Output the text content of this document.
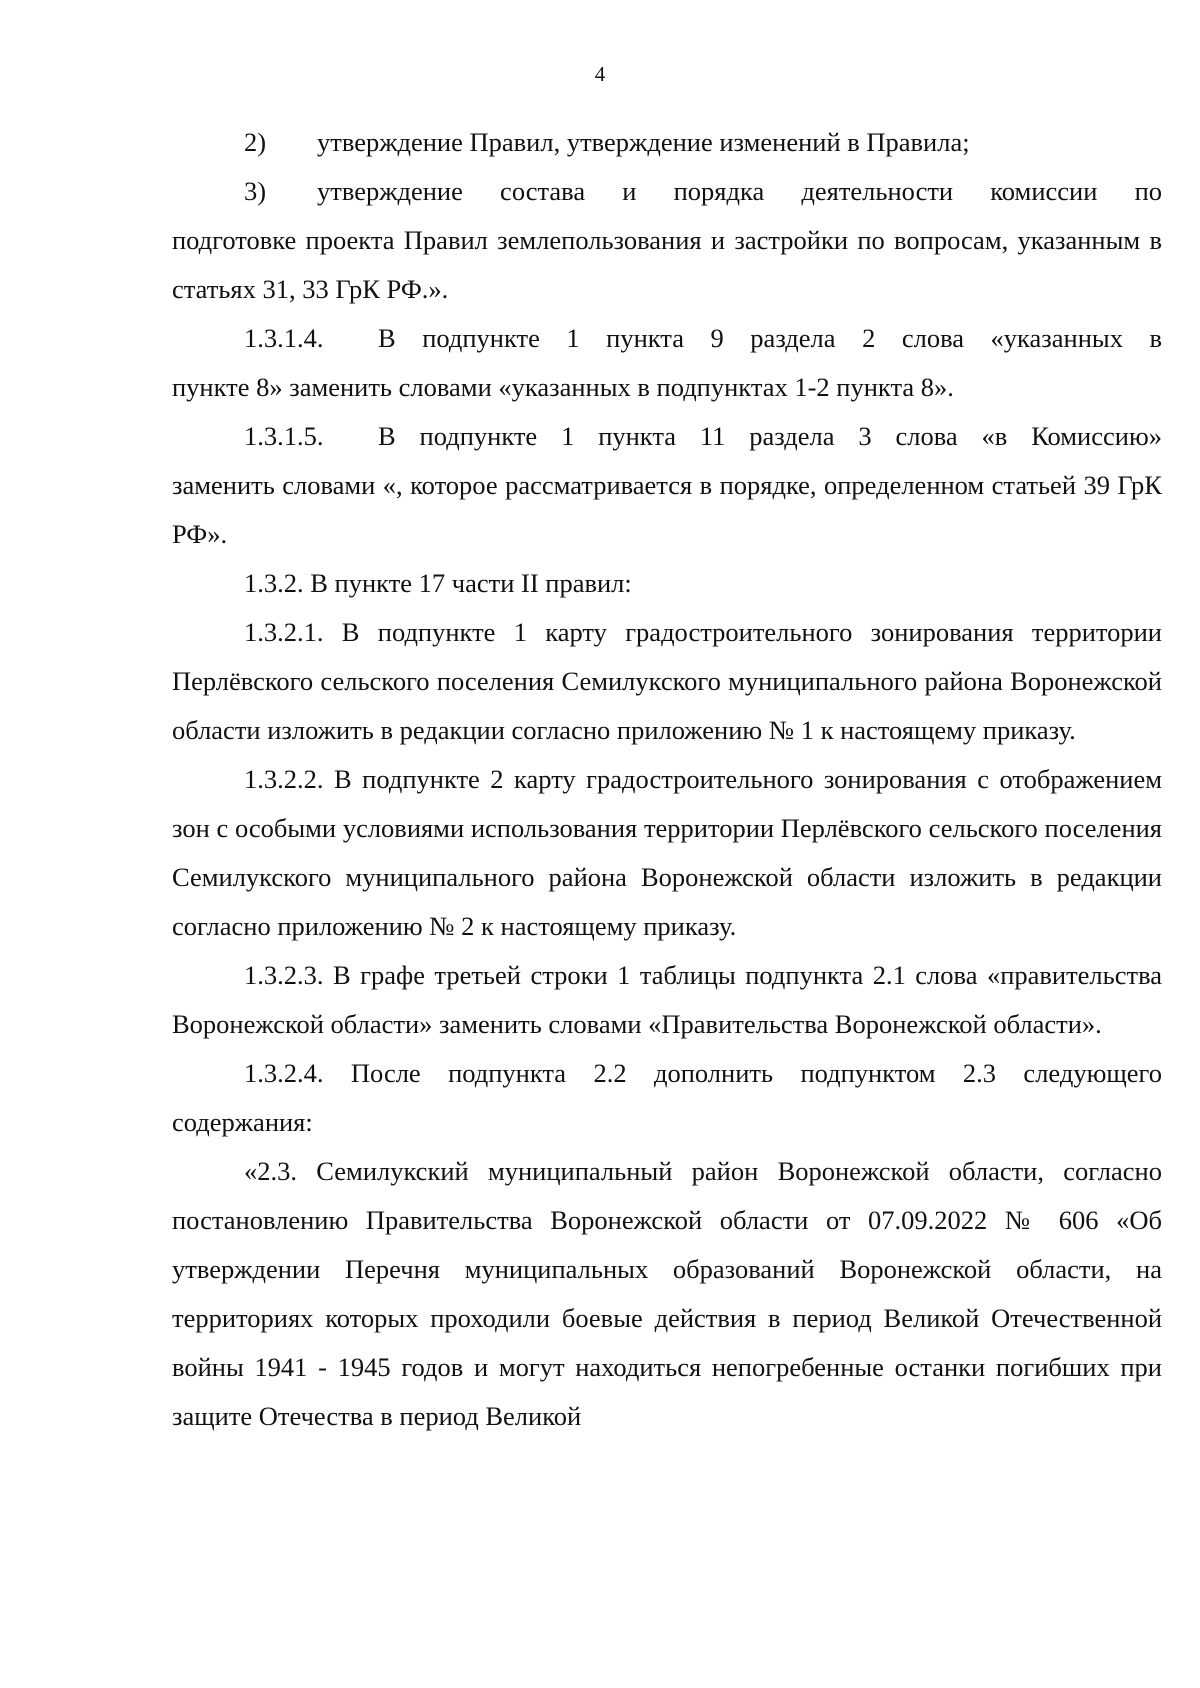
4
2)	утверждение Правил, утверждение изменений в Правила;
3)	утверждение состава и порядка деятельности комиссии по

подготовке проекта Правил землепользования и застройки по вопросам, указанным в статьях 31, 33 ГрК РФ.».

1.3.1.4.	В подпункте 1 пункта 9 раздела 2 слова «указанных в

пункте 8» заменить словами «указанных в подпунктах 1-2 пункта 8».

1.3.1.5.	В подпункте 1 пункта 11 раздела 3 слова «в Комиссию»

заменить словами «, которое рассматривается в порядке, определенном статьей 39 ГрК РФ».

1.3.2. В пункте 17 части II правил:

1.3.2.1. В подпункте 1 карту градостроительного зонирования территории Перлёвского сельского поселения Семилукского муниципального района Воронежской области изложить в редакции согласно приложению № 1 к настоящему приказу.

1.3.2.2. В подпункте 2 карту градостроительного зонирования с отображением зон с особыми условиями использования территории Перлёвского сельского поселения Семилукского муниципального района Воронежской области изложить в редакции согласно приложению № 2 к настоящему приказу.

1.3.2.3. В графе третьей строки 1 таблицы подпункта 2.1 слова «правительства Воронежской области» заменить словами «Правительства Воронежской области».

1.3.2.4. После подпункта 2.2 дополнить подпунктом 2.3 следующего содержания:

«2.3. Семилукский муниципальный район Воронежской области, согласно постановлению Правительства Воронежской области от 07.09.2022 № 606 «Об утверждении Перечня муниципальных образований Воронежской области, на территориях которых проходили боевые действия в период Великой Отечественной войны 1941 - 1945 годов и могут находиться непогребенные останки погибших при защите Отечества в период Великой
